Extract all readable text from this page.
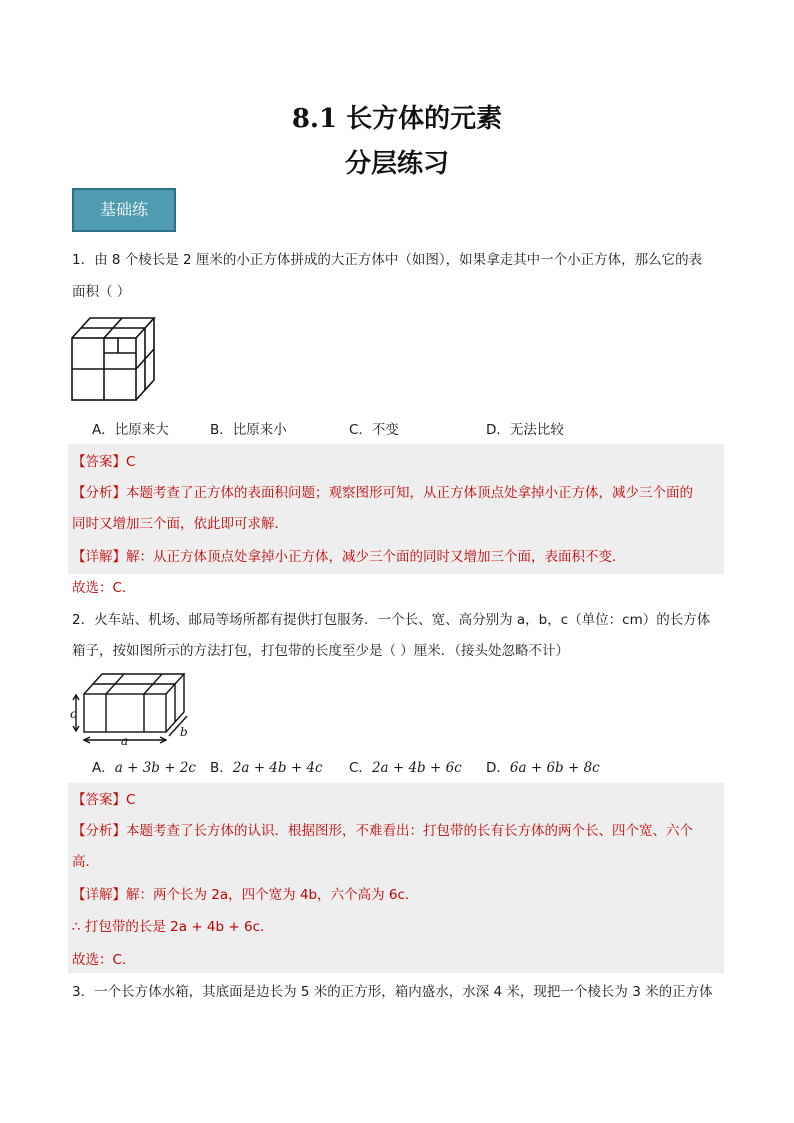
8.1 长方体的元素
分层练习
基础练
1．由 8 个棱长是 2 厘米的小正方体拼成的大正方体中（如图），如果拿走其中一个小正方体，那么它的表
面积（ ）
A．比原来大	B．比原来小	C．不变	D．无法比较
【答案】C
【分析】本题考查了正方体的表面积问题；观察图形可知，从正方体顶点处拿掉小正方体，减少三个面的
同时又增加三个面，依此即可求解．
【详解】解：从正方体顶点处拿掉小正方体，减少三个面的同时又增加三个面，表面积不变．
故选：C．
2．火车站、机场、邮局等场所都有提供打包服务．一个长、宽、高分别为 a，b，c（单位：cm）的长方体
箱子，按如图所示的方法打包，打包带的长度至少是（ ）厘米．（接头处忽略不计）
c
a
b
A．a + 3b + 2c B．2a + 4b + 4c C．2a + 4b + 6c D．6a + 6b + 8c
【答案】C
【分析】本题考查了长方体的认识．根据图形，不难看出：打包带的长有长方体的两个长、四个宽、六个
高．
【详解】解：两个长为 2a，四个宽为 4b，六个高为 6c．
∴ 打包带的长是 2a + 4b + 6c．
故选：C．
3．一个长方体水箱，其底面是边长为 5 米的正方形，箱内盛水，水深 4 米，现把一个棱长为 3 米的正方体
